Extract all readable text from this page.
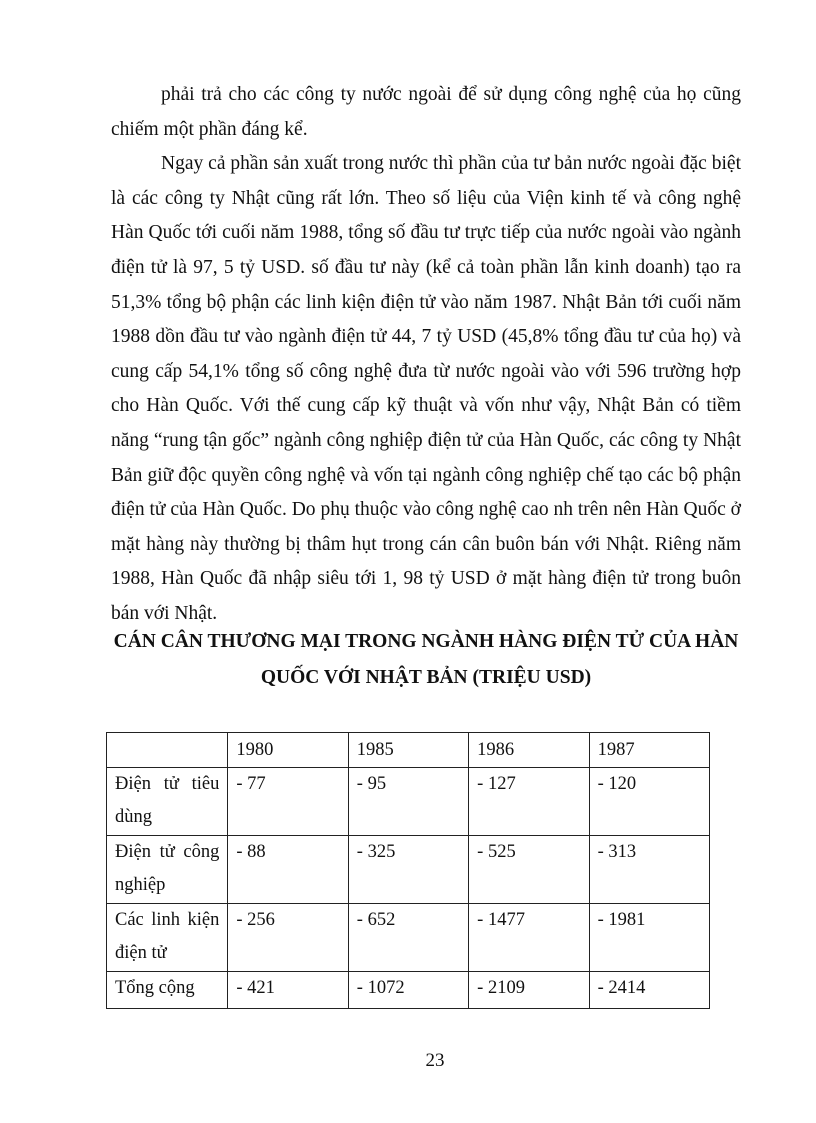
phải trả cho các công ty nước ngoài để sử dụng công nghệ của họ cũng chiếm một phần đáng kể.

Ngay cả phần sản xuất trong nước thì phần của tư bản nước ngoài đặc biệt là các công ty Nhật cũng rất lớn. Theo số liệu của Viện kinh tế và công nghệ Hàn Quốc tới cuối năm 1988, tổng số đầu tư trực tiếp của nước ngoài vào ngành điện tử là 97, 5 tỷ USD. số đầu tư này (kể cả toàn phần lẫn kinh doanh) tạo ra 51,3% tổng bộ phận các linh kiện điện tử vào năm 1987. Nhật Bản tới cuối năm 1988 dồn đầu tư vào ngành điện tử 44, 7 tỷ USD (45,8% tổng đầu tư của họ) và cung cấp 54,1% tổng số công nghệ đưa từ nước ngoài vào với 596 trường hợp cho Hàn Quốc. Với thế cung cấp kỹ thuật và vốn như vậy, Nhật Bản có tiềm năng “rung tận gốc” ngành công nghiệp điện tử của Hàn Quốc, các công ty Nhật Bản giữ độc quyền công nghệ và vốn tại ngành công nghiệp chế tạo các bộ phận điện tử của Hàn Quốc. Do phụ thuộc vào công nghệ cao nh trên nên Hàn Quốc ở mặt hàng này thường bị thâm hụt trong cán cân buôn bán với Nhật. Riêng năm 1988, Hàn Quốc đã nhập siêu tới 1, 98 tỷ USD ở mặt hàng điện tử trong buôn bán với Nhật.

CÁN CÂN THƯƠNG MẠI TRONG NGÀNH HÀNG ĐIỆN TỬ CỦA HÀN QUỐC VỚI NHẬT BẢN (TRIỆU USD)
	1980	1985	1986	1987
Điện tử tiêu dùng	- 77	- 95	- 127	- 120
Điện tử công nghiệp	- 88	- 325	- 525	- 313
Các linh kiện điện tử	- 256	- 652	- 1477	- 1981
Tổng cộng	- 421	- 1072	- 2109	- 2414
23
